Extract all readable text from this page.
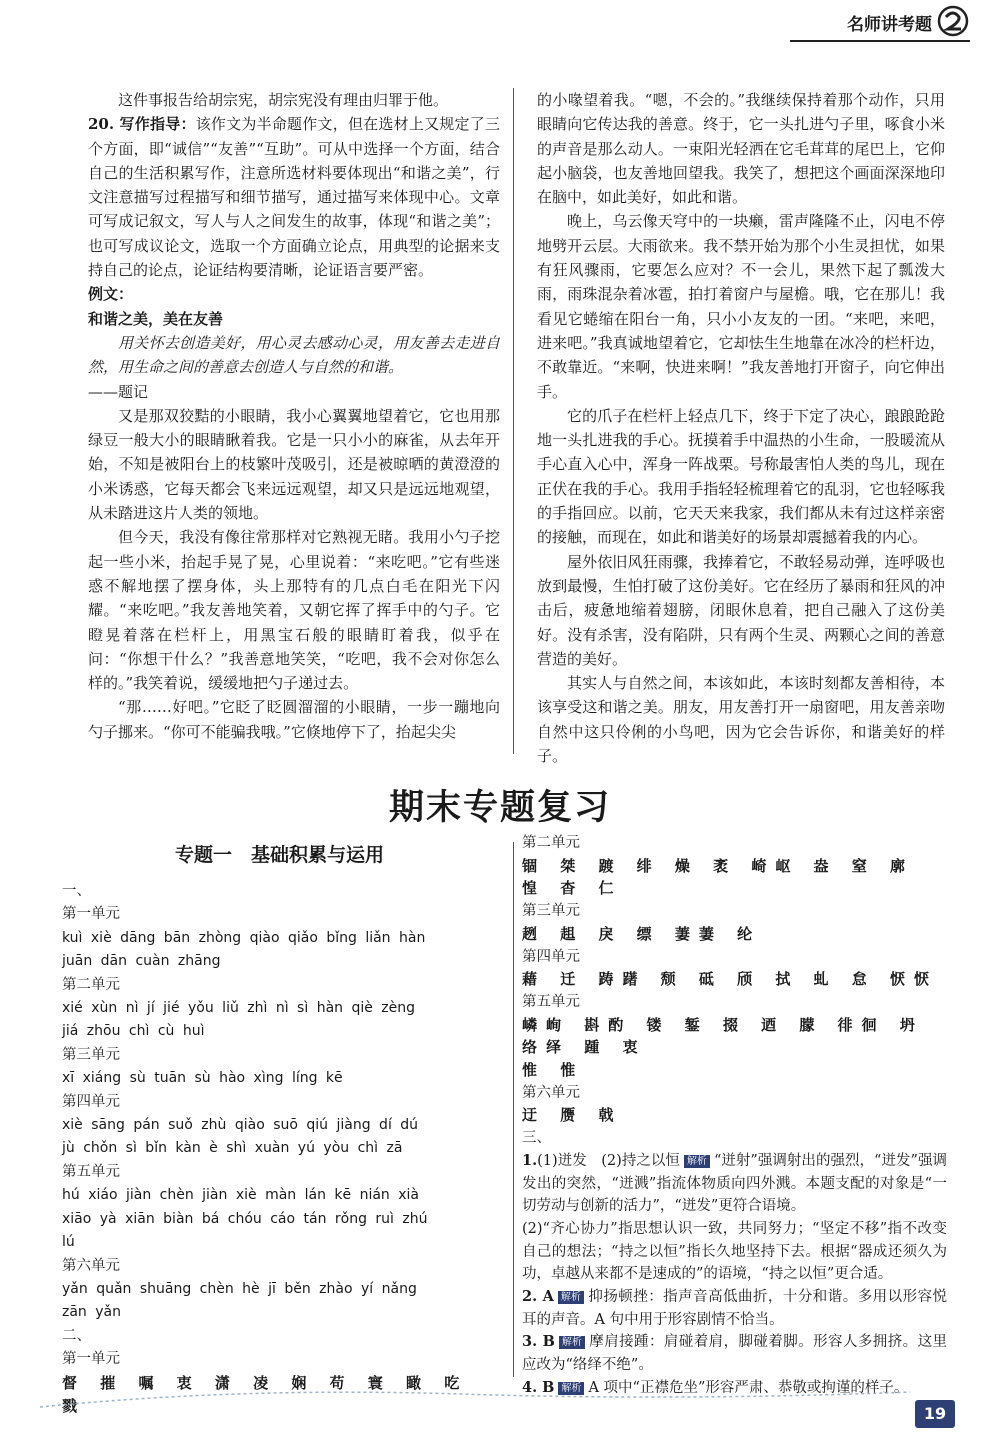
名师讲考题

这件事报告给胡宗宪，胡宗宪没有理由归罪于他。

20. 写作指导：该作文为半命题作文，但在选材上又规定了三个方面，即“诚信”“友善”“互助”。可从中选择一个方面，结合自己的生活积累写作，注意所选材料要体现出“和谐之美”，行文注意描写过程描写和细节描写，通过描写来体现中心。文章可写成记叙文，写人与人之间发生的故事，体现“和谐之美”；也可写成议论文，选取一个方面确立论点，用典型的论据来支持自己的论点，论证结构要清晰，论证语言要严密。

例文：

和谐之美，美在友善

用关怀去创造美好，用心灵去感动心灵，用友善去走进自然，用生命之间的善意去创造人与自然的和谐。

——题记

又是那双狡黠的小眼睛，我小心翼翼地望着它，它也用那绿豆一般大小的眼睛瞅着我。它是一只小小的麻雀，从去年开始，不知是被阳台上的枝繁叶茂吸引，还是被晾晒的黄澄澄的小米诱惑，它每天都会飞来远远观望，却又只是远远地观望，从未踏进这片人类的领地。

但今天，我没有像往常那样对它熟视无睹。我用小勺子挖起一些小米，抬起手晃了晃，心里说着：“来吃吧。”它有些迷惑不解地摆了摆身体，头上那特有的几点白毛在阳光下闪耀。“来吃吧。”我友善地笑着，又朝它挥了挥手中的勺子。它瞪晃着落在栏杆上，用黑宝石般的眼睛盯着我，似乎在问：“你想干什么？”我善意地笑笑，“吃吧，我不会对你怎么样的。”我笑着说，缓缓地把勺子递过去。

“那……好吧。”它眨了眨圆溜溜的小眼睛，一步一蹦地向勺子挪来。“你可不能骗我哦。”它倏地停下了，抬起尖尖

的小喙望着我。“嗯，不会的。”我继续保持着那个动作，只用眼睛向它传达我的善意。终于，它一头扎进勺子里，啄食小米的声音是那么动人。一束阳光轻洒在它毛茸茸的尾巴上，它仰起小脑袋，也友善地回望我。我笑了，想把这个画面深深地印在脑中，如此美好，如此和谐。

晚上，乌云像天穹中的一块癞，雷声隆隆不止，闪电不停地劈开云层。大雨欲来。我不禁开始为那个小生灵担忧，如果有狂风骤雨，它要怎么应对？不一会儿，果然下起了瓢泼大雨，雨珠混杂着冰雹，拍打着窗户与屋檐。哦，它在那儿！我看见它蜷缩在阳台一角，只小小友友的一团。“来吧，来吧，进来吧。”我真诚地望着它，它却怯生生地靠在冰冷的栏杆边，不敢靠近。“来啊，快进来啊！”我友善地打开窗子，向它伸出手。

它的爪子在栏杆上轻点几下，终于下定了决心，踉踉跄跄地一头扎进我的手心。抚摸着手中温热的小生命，一股暖流从手心直入心中，浑身一阵战栗。号称最害怕人类的鸟儿，现在正伏在我的手心。我用手指轻轻梳理着它的乱羽，它也轻啄我的手指回应。以前，它天天来我家，我们都从未有过这样亲密的接触，而现在，如此和谐美好的场景却震撼着我的内心。

屋外依旧风狂雨骤，我捧着它，不敢轻易动弹，连呼吸也放到最慢，生怕打破了这份美好。它在经历了暴雨和狂风的冲击后，疲惫地缩着翅膀，闭眼休息着，把自己融入了这份美好。没有杀害，没有陷阱，只有两个生灵、两颗心之间的善意营造的美好。

其实人与自然之间，本该如此，本该时刻都友善相待，本该享受这和谐之美。朋友，用友善打开一扇窗吧，用友善亲吻自然中这只伶俐的小鸟吧，因为它会告诉你，和谐美好的样子。

期末专题复习
专题一　基础积累与运用
一、
第一单元
kuì xiè dāng bān zhòng qiào qiǎo bǐng liǎn hàn
juān dān cuàn zhāng
第二单元
xié xùn nì jí jié yǒu liǔ zhì nì sì hàn qiè zèng
jiá zhōu chì cù huì
第三单元
xī xiáng sù tuān sù hào xìng líng kē
第四单元
xiè sāng pán suǒ zhù qiào suō qiú jiàng dí dú
jù chǒn sì bǐn kàn è shì xuàn yú yòu chì zā
第五单元
hú xiáo jiàn chèn jiàn xiè màn lán kē nián xià
xiāo yà xiān biàn bá chóu cáo tán rǒng ruì zhú
lú
第六单元
yǎn quǎn shuāng chèn hè jī běn zhào yí nǎng
zān yǎn
二、
第一单元
督 摧 嘱 衷 潇 凌 娴 苟 寰 瞰 吃 戮
第二单元
锢 桀 踱 绯 燥 袤 崎岖 盎 窒 廓 惶 杳 仁
第三单元
趔 趄 戾 缥 萋萋 纶
第四单元
藉 迁 踌躇 颓 砥 颀 拭 虬 怠 恹恹
第五单元
嶙峋 斟酌 镂 錾 掇 迺 朦 徘徊 坍 络绎 踵 衷
惟 惟
第六单元
迂 赝 戟
三、

1.(1)迸发　(2)持之以恒 解析 “迸射”强调射出的强烈，“迸发”强调发出的突然，“迸溅”指流体物质向四外溅。本题支配的对象是“一切劳动与创新的活力”，“迸发”更符合语境。

(2)“齐心协力”指思想认识一致，共同努力；“坚定不移”指不改变自己的想法；“持之以恒”指长久地坚持下去。根据“器成还须久为功，卓越从来都不是速成的”的语境，“持之以恒”更合适。

2. A 解析 抑扬顿挫：指声音高低曲折，十分和谐。多用以形容悦耳的声音。A 句中用于形容剧情不恰当。

3. B 解析 摩肩接踵：肩碰着肩，脚碰着脚。形容人多拥挤。这里应改为“络绎不绝”。

4. B 解析 A 项中“正襟危坐”形容严肃、恭敬或拘谨的样子。

19
